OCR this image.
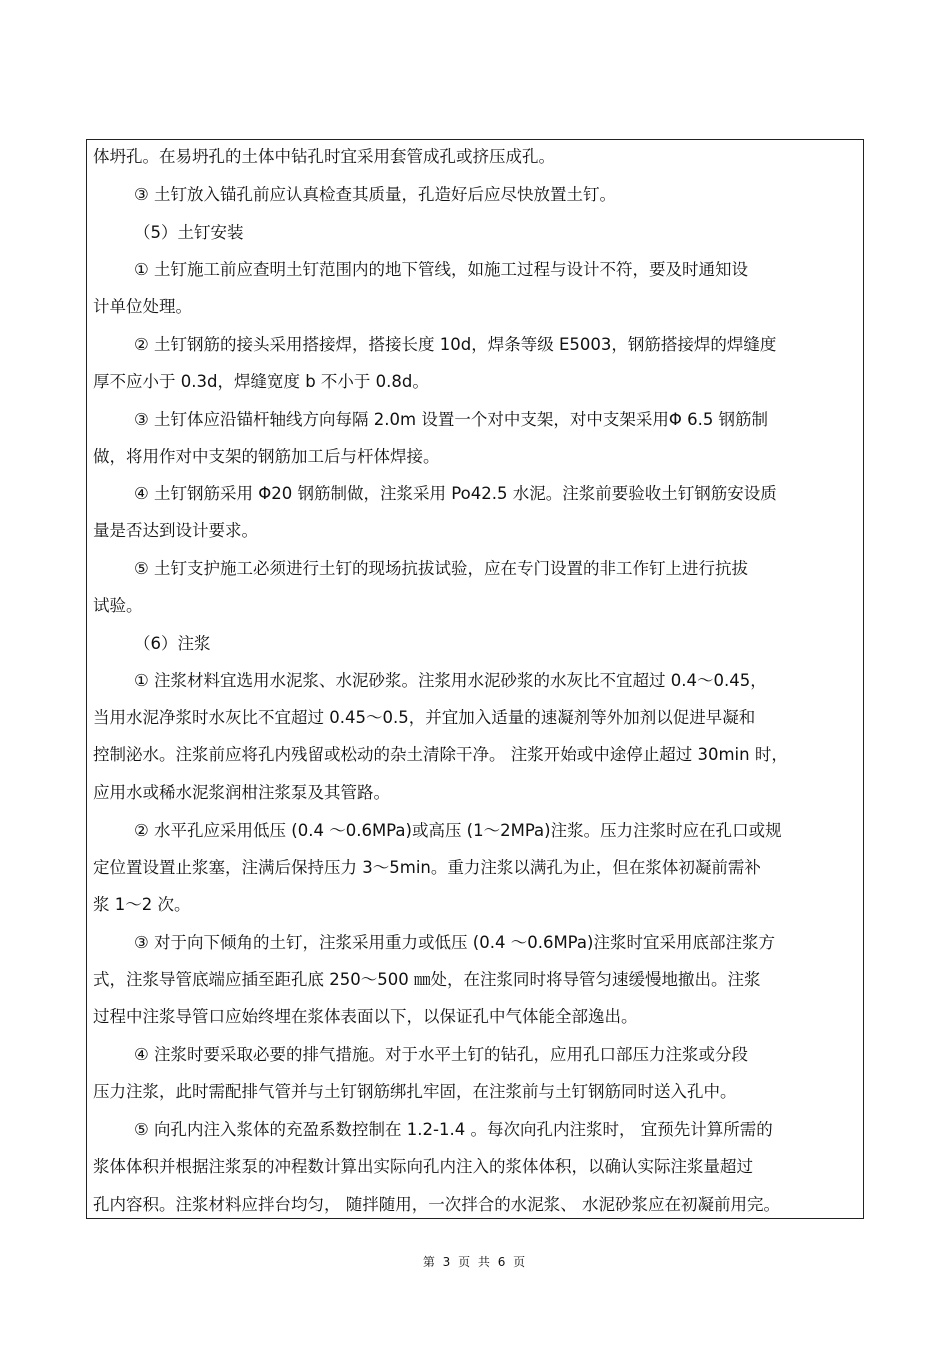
体坍孔。在易坍孔的土体中钻孔时宜采用套管成孔或挤压成孔。
③ 土钉放入锚孔前应认真检查其质量，孔造好后应尽快放置土钉。
（5）土钉安装
① 土钉施工前应查明土钉范围内的地下管线，如施工过程与设计不符，要及时通知设
计单位处理。
② 土钉钢筋的接头采用搭接焊，搭接长度 10d，焊条等级 E5003，钢筋搭接焊的焊缝度
厚不应小于 0.3d，焊缝宽度 b 不小于 0.8d。
③ 土钉体应沿锚杆轴线方向每隔 2.0m 设置一个对中支架，对中支架采用Φ 6.5 钢筋制
做，将用作对中支架的钢筋加工后与杆体焊接。
④ 土钉钢筋采用 Φ20 钢筋制做，注浆采用 Po42.5 水泥。注浆前要验收土钉钢筋安设质
量是否达到设计要求。
⑤ 土钉支护施工必须进行土钉的现场抗拔试验，应在专门设置的非工作钉上进行抗拔
试验。
（6）注浆
① 注浆材料宜选用水泥浆、水泥砂浆。注浆用水泥砂浆的水灰比不宜超过 0.4～0.45，
当用水泥净浆时水灰比不宜超过 0.45～0.5，并宜加入适量的速凝剂等外加剂以促进早凝和
控制泌水。注浆前应将孔内残留或松动的杂土清除干净。 注浆开始或中途停止超过 30min 时，
应用水或稀水泥浆润柑注浆泵及其管路。
② 水平孔应采用低压 (0.4 ～0.6MPa)或高压 (1～2MPa)注浆。压力注浆时应在孔口或规
定位置设置止浆塞，注满后保持压力 3～5min。重力注浆以满孔为止，但在浆体初凝前需补
浆 1～2 次。
③ 对于向下倾角的土钉，注浆采用重力或低压 (0.4 ～0.6MPa)注浆时宜采用底部注浆方
式，注浆导管底端应插至距孔底 250～500 ㎜处，在注浆同时将导管匀速缓慢地撤出。注浆
过程中注浆导管口应始终埋在浆体表面以下，以保证孔中气体能全部逸出。
④ 注浆时要采取必要的排气措施。对于水平土钉的钻孔，应用孔口部压力注浆或分段
压力注浆，此时需配排气管并与土钉钢筋绑扎牢固，在注浆前与土钉钢筋同时送入孔中。
⑤ 向孔内注入浆体的充盈系数控制在 1.2-1.4 。每次向孔内注浆时， 宜预先计算所需的
浆体体积并根据注浆泵的冲程数计算出实际向孔内注入的浆体体积，以确认实际注浆量超过
孔内容积。注浆材料应拌台均匀， 随拌随用，一次拌合的水泥浆、 水泥砂浆应在初凝前用完。
第 3 页 共 6 页
